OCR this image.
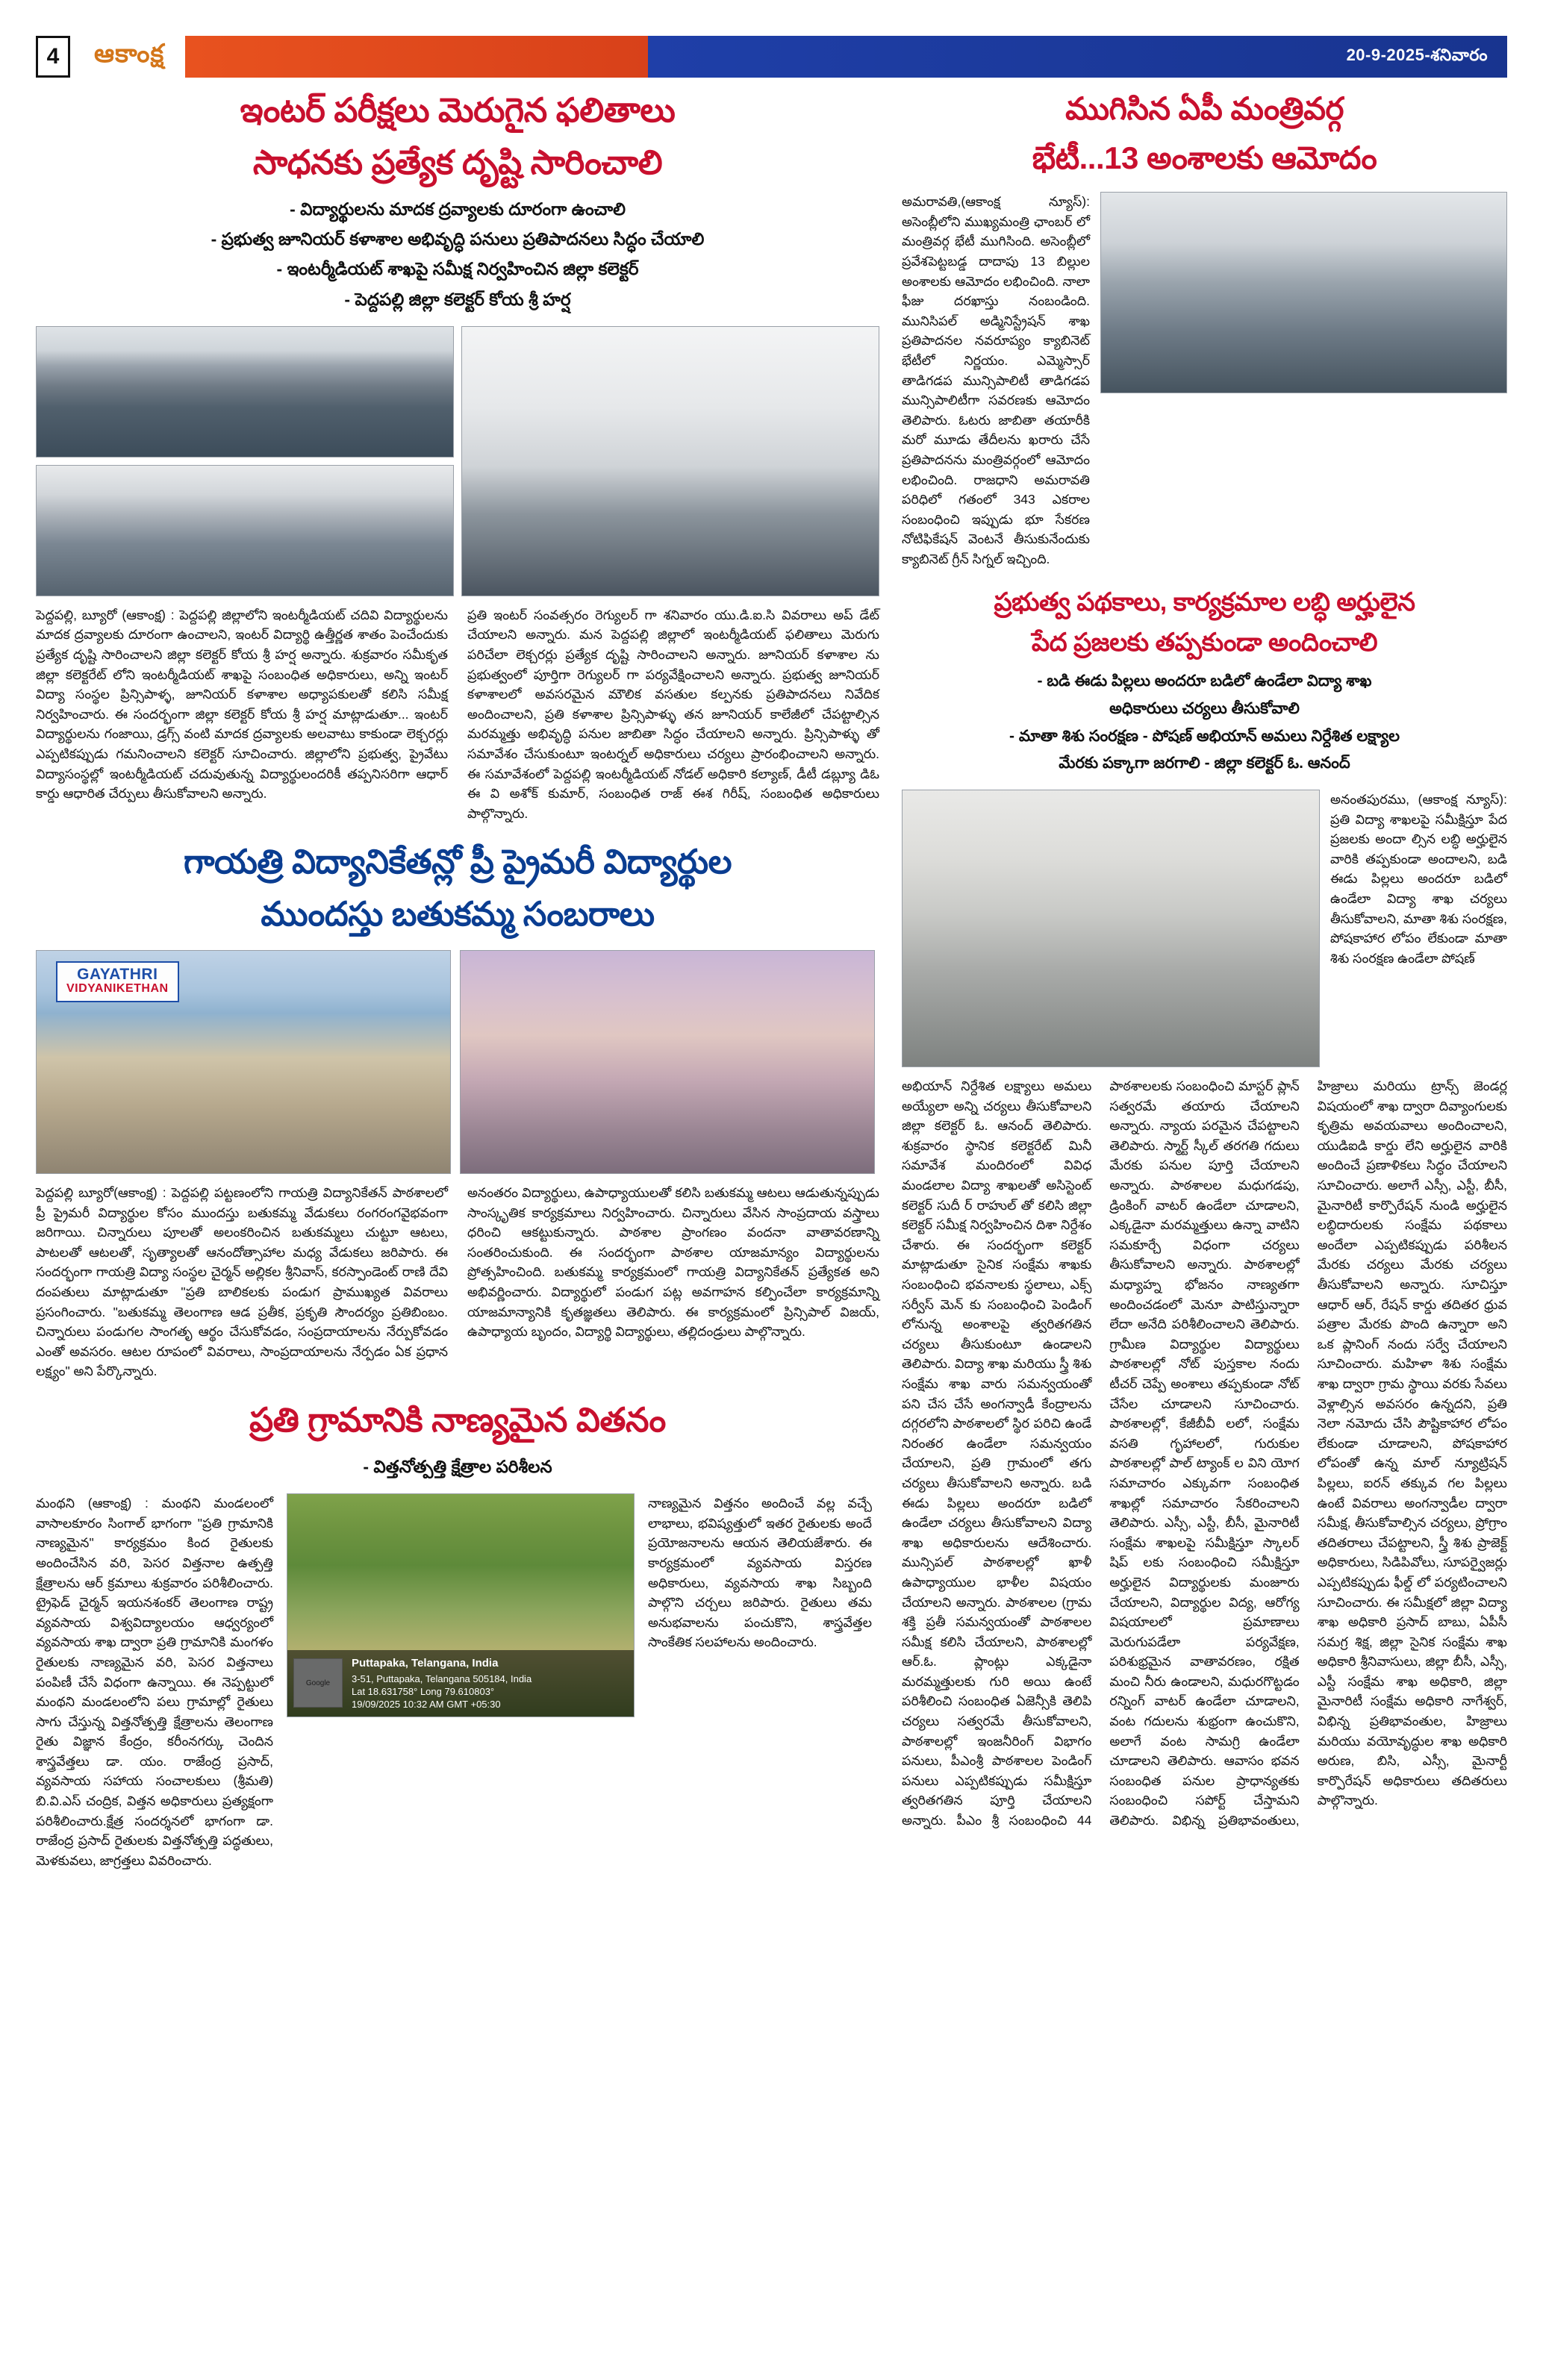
4	ఆకాంక్ష	20-9-2025-శనివారం
ఇంటర్ పరీక్షలు మెరుగైన ఫలితాలు
సాధనకు ప్రత్యేక దృష్టి సారించాలి
- విద్యార్థులను మాదక ద్రవ్యాలకు దూరంగా ఉంచాలి
- ప్రభుత్వ జూనియర్ కళాశాల అభివృద్ధి పనులు ప్రతిపాదనలు సిద్ధం చేయాలి
- ఇంటర్మీడియట్ శాఖపై సమీక్ష నిర్వహించిన జిల్లా కలెక్టర్
- పెద్దపల్లి జిల్లా కలెక్టర్ కోయ శ్రీ హర్ష
పెద్దపల్లి, బ్యూరో (ఆకాంక్ష) : పెద్దపల్లి జిల్లాలోని ఇంటర్మీడియట్ చదివి విద్యార్థులను మాదక ద్రవ్యాలకు దూరంగా ఉంచాలని, ఇంటర్ విద్యార్థి ఉత్తీర్ణత శాతం పెంచేందుకు ప్రత్యేక దృష్టి సారించాలని జిల్లా కలెక్టర్ కోయ శ్రీ హర్ష అన్నారు. శుక్రవారం సమీకృత జిల్లా కలెక్టరేట్ లోని ఇంటర్మీడియట్ శాఖపై సంబంధిత అధికారులు, అన్ని ఇంటర్ విద్యా సంస్థల ప్రిన్సిపాళ్ళ, జూనియర్ కళాశాల అధ్యాపకులతో కలిసి సమీక్ష నిర్వహించారు. ఈ సందర్భంగా జిల్లా కలెక్టర్ కోయ శ్రీ హర్ష మాట్లాడుతూ... ఇంటర్ విద్యార్థులను గంజాయి, డ్రగ్స్ వంటి మాదక ద్రవ్యాలకు అలవాటు కాకుండా లెక్చరర్లు ఎప్పటికప్పుడు గమనించాలని కలెక్టర్ సూచించారు. జిల్లాలోని ప్రభుత్వ, ప్రైవేటు విద్యాసంస్థల్లో ఇంటర్మీడియట్ చదువుతున్న విద్యార్థులందరికీ తప్పనిసరిగా ఆధార్ కార్డు ఆధారిత చేర్పులు తీసుకోవాలని అన్నారు.
ప్రతి ఇంటర్ సంవత్సరం రెగ్యులర్ గా శనివారం యు.డి.ఐ.సి వివరాలు అప్ డేట్ చేయాలని అన్నారు. మన పెద్దపల్లి జిల్లాలో ఇంటర్మీడియట్ ఫలితాలు మెరుగు పరిచేలా లెక్చరర్లు ప్రత్యేక దృష్టి సారించాలని అన్నారు. జూనియర్ కళాశాల ను ప్రభుత్వంలో పూర్తిగా రెగ్యులర్ గా పర్యవేక్షించాలని అన్నారు. ప్రభుత్వ జూనియర్ కళాశాలలో అవసరమైన మౌలిక వసతుల కల్పనకు ప్రతిపాదనలు నివేదిక అందించాలని, ప్రతి కళాశాల ప్రిన్సిపాళ్ళు తన జూనియర్ కాలేజీలో చేపట్టాల్సిన మరమ్మత్తు అభివృద్ధి పనుల జాబితా సిద్ధం చేయాలని అన్నారు. ప్రిన్సిపాళ్ళు తో సమావేశం చేసుకుంటూ ఇంటర్నల్ అధికారులు చర్యలు ప్రారంభించాలని అన్నారు. ఈ సమావేశంలో పెద్దపల్లి ఇంటర్మీడియట్ నోడల్ అధికారి కల్యాణ్, డీటీ డబ్ల్యూ డిఓ ఈ వి అశోక్ కుమార్, సంబంధిత రాజ్ ఈశ గిరీష్, సంబంధిత అధికారులు పాల్గొన్నారు.
గాయత్రి విద్యానికేతన్లో ప్రీ ప్రైమరీ విద్యార్థుల
ముందస్తు బతుకమ్మ సంబరాలు
GAYATHRI
VIDYANIKETHAN
పెద్దపల్లి బ్యూరో(ఆకాంక్ష) : పెద్దపల్లి పట్టణంలోని గాయత్రి విద్యానికేతన్ పాఠశాలలో ప్రీ ప్రైమరీ విద్యార్థుల కోసం ముందస్తు బతుకమ్మ వేడుకలు రంగరంగవైభవంగా జరిగాయి. చిన్నారులు పూలతో అలంకరించిన బతుకమ్మలు చుట్టూ ఆటలు, పాటలతో ఆటలతో, సృత్యాలతో ఆనందోత్సాహాల మధ్య వేడుకలు జరిపారు. ఈ సందర్భంగా గాయత్రి విద్యా సంస్థల చైర్మన్ అల్లికల శ్రీనివాస్, కరస్పాండెంట్ రాణి దేవి దంపతులు మాట్లాడుతూ "ప్రతి బాలికలకు పండుగ ప్రాముఖ్యత వివరాలు ప్రసంగించారు. "బతుకమ్మ తెలంగాణ ఆడ ప్రతీక, ప్రకృతి సౌందర్యం ప్రతిబింబం. చిన్నారులు పండుగల సాంగతృ ఆర్థం చేసుకోవడం, సంప్రదాయాలను నేర్పుకోవడం ఎంతో అవసరం. ఆటల రూపంలో వివరాలు, సాంప్రదాయాలను నేర్పడం ఏక ప్రధాన లక్ష్యం" అని పేర్కొన్నారు.
అనంతరం విద్యార్థులు, ఉపాధ్యాయులతో కలిసి బతుకమ్మ ఆటలు ఆడుతున్నప్పుడు సాంస్కృతిక కార్యక్రమాలు నిర్వహించారు. చిన్నారులు వేసిన సాంప్రదాయ వస్త్రాలు ధరించి ఆకట్టుకున్నారు. పాఠశాల ప్రాంగణం వందనా వాతావరణాన్ని సంతరించుకుంది. ఈ సందర్భంగా పాఠశాల యాజమాన్యం విద్యార్థులను ప్రోత్సహించింది. బతుకమ్మ కార్యక్రమంలో గాయత్రి విద్యానికేతన్ ప్రత్యేకత అని అభివర్ణించారు. విద్యార్థులో పండుగ పట్ల అవగాహన కల్పించేలా కార్యక్రమాన్ని యాజమాన్యానికి కృతజ్ఞతలు తెలిపారు. ఈ కార్యక్రమంలో ప్రిన్సిపాల్ విజయ్, ఉపాధ్యాయ బృందం, విద్యార్థి విద్యార్థులు, తల్లిదండ్రులు పాల్గొన్నారు.
ప్రతి గ్రామానికి నాణ్యమైన వితనం
- విత్తనోత్పత్తి క్షేత్రాల పరిశీలన
మంథని (ఆకాంక్ష) : మంథని మండలంలో వాసాలకూరం సింగాల్ భాగంగా "ప్రతి గ్రామానికి నాణ్యమైన" కార్యక్రమం కింద రైతులకు అందించేసిన వరి, పెసర విత్తనాల ఉత్పత్తి క్షేత్రాలను ఆర్ క్రమాలు శుక్రవారం పరిశీలించారు. ట్రైఫెడ్ చైర్మన్ ఇయనశంకర్ తెలంగాణ రాష్ట్ర వ్యవసాయ విశ్వవిద్యాలయం ఆధ్వర్యంలో వ్యవసాయ శాఖ ద్వారా ప్రతి గ్రామానికి మంగళం రైతులకు నాణ్యమైన వరి, పెసర విత్తనాలు పంపిణీ చేసే విధంగా ఉన్నాయి. ఈ నెప్పట్టులో మంథని మండలంలోని పలు గ్రామాల్లో రైతులు సాగు చేస్తున్న విత్తనోత్పత్తి క్షేత్రాలను తెలంగాణ రైతు విజ్ఞాన కేంద్రం, కరీంనగర్కు చెందిన శాస్త్రవేత్తలు డా. యం. రాజేంద్ర ప్రసాద్, వ్యవసాయ సహాయ సంచాలకులు (శ్రీమతి) బి.వి.ఎస్ చంద్రిక, విత్తన అధికారులు ప్రత్యక్షంగా పరిశీలించారు.క్షేత్ర సందర్శనలో భాగంగా డా. రాజేంద్ర ప్రసాద్ రైతులకు విత్తనోత్పత్తి పద్ధతులు, మెళకువలు, జాగ్రత్తలు వివరించారు.
Puttapaka, Telangana, India
3-51, Puttapaka, Telangana 505184, India
Lat 18.631758° Long 79.610803°
19/09/2025 10:32 AM GMT +05:30
నాణ్యమైన విత్తనం అందించే వల్ల వచ్చే లాభాలు, భవిష్యత్తులో ఇతర రైతులకు అందే ప్రయోజనాలను ఆయన తెలియజేశారు. ఈ కార్యక్రమంలో వ్యవసాయ విస్తరణ అధికారులు, వ్యవసాయ శాఖ సిబ్బంది పాల్గొని చర్చలు జరిపారు. రైతులు తమ అనుభవాలను పంచుకొని, శాస్త్రవేత్తల సాంకేతిక సలహాలను అందించారు.
ముగిసిన ఏపీ మంత్రివర్గ
భేటీ...13 అంశాలకు ఆమోదం
అమరావతి,(ఆకాంక్ష న్యూస్): అసెంబ్లీలోని ముఖ్యమంత్రి ఛాంబర్ లో మంత్రివర్గ భేటీ ముగిసింది. అసెంబ్లీలో ప్రవేశపెట్టబడ్డ దాదాపు 13 బిల్లుల అంశాలకు ఆమోదం లభించింది. నాలా ఫీజు దరఖాస్తు నంబండింది. మునిసిపల్ అడ్మినిస్ట్రేషన్ శాఖ ప్రతిపాదనల నవరూప్యం క్యాబినెట్ భేటీలో నిర్ణయం. ఎమ్మెస్సార్ తాడిగడప మున్సిపాలిటీ తాడిగడప మున్సిపాలిటీగా సవరణకు ఆమోదం తెలిపారు. ఓటరు జాబితా తయారీకి మరో మూడు తేదీలను ఖరారు చేసే ప్రతిపాదనను మంత్రివర్గంలో ఆమోదం లభించింది. రాజధాని అమరావతి పరిధిలో గతంలో 343 ఎకరాల సంబంధించి ఇప్పుడు భూ సేకరణ నోటిఫికేషన్ వెంటనే తీసుకునేందుకు క్యాబినెట్ గ్రీన్ సిగ్నల్ ఇచ్చింది.
ప్రభుత్వ పథకాలు, కార్యక్రమాల లబ్ధి అర్హులైన
పేద ప్రజలకు తప్పకుండా అందించాలి
- బడి ఈడు పిల్లలు అందరూ బడిలో ఉండేలా విద్యా శాఖ
అధికారులు చర్యలు తీసుకోవాలి
- మాతా శిశు సంరక్షణ - పోషణ్ అభియాన్ అమలు నిర్దేశిత లక్ష్యాల
మేరకు పక్కాగా జరగాలి - జిల్లా కలెక్టర్ ఓ. ఆనంద్
అనంతపురము, (ఆకాంక్ష న్యూస్): ప్రతి విద్యా శాఖలపై సమీక్షిస్తూ పేద ప్రజలకు అందా ల్సిన లబ్ధి అర్హులైన వారికి తప్పకుండా అందాలని, బడి ఈడు పిల్లలు అందరూ బడిలో ఉండేలా విద్యా శాఖ చర్యలు తీసుకోవాలని, మాతా శిశు సంరక్షణ, పోషకాహార లోపం లేకుండా మాతా శిశు సంరక్షణ ఉండేలా పోషణ్
అభియాన్ నిర్దేశిత లక్ష్యాలు అమలు అయ్యేలా అన్ని చర్యలు తీసుకోవాలని జిల్లా కలెక్టర్ ఓ. ఆనంద్ తెలిపారు. శుక్రవారం స్థానిక కలెక్టరేట్ మినీ సమావేశ మందిరంలో వివిధ మండలాల విద్యా శాఖలతో అసిస్టెంట్ కలెక్టర్ సుదీ ర్ రాహుల్ తో కలిసి జిల్లా కలెక్టర్ సమీక్ష నిర్వహించిన దిశా నిర్దేశం చేశారు. ఈ సందర్భంగా కలెక్టర్ మాట్లాడుతూ సైనిక సంక్షేమ శాఖకు సంబంధించి భవనాలకు స్థలాలు, ఎక్స్ సర్వీస్ మెన్ కు సంబంధించి పెండింగ్ లోనున్న అంశాలపై త్వరితగతిన చర్యలు తీసుకుంటూ ఉండాలని తెలిపారు. విద్యా శాఖ మరియు స్త్రీ శిశు సంక్షేమ శాఖ వారు సమన్వయంతో పని చేస చేసే అంగన్వాడీ కేంద్రాలను దగ్గరలోని పాఠశాలలో స్థిర పరిచి ఉండే నిరంతర ఉండేలా సమన్వయం చేయాలని, ప్రతి గ్రామంలో తగు చర్యలు తీసుకోవాలని అన్నారు. బడి ఈడు పిల్లలు అందరూ బడిలో ఉండేలా చర్యలు తీసుకోవాలని విద్యా శాఖ అధికారులను ఆదేశించారు. మున్సిపల్ పాఠశాలల్లో ఖాళీ ఉపాధ్యాయుల భాళీల విషయం చేయాలని అన్నారు. పాఠశాలల (గ్రామ శక్తి ప్రతీ సమన్వయంతో పాఠశాలల సమీక్ష కలిసి చేయాలని, పాఠశాలల్లో ఆర్.ఓ. ప్లాంట్లు ఎక్కడైనా మరమ్మత్తులకు గురి అయి ఉంటే పరిశీలించి సంబంధిత ఏజెన్సీకి తెలిపి చర్యలు సత్వరమే తీసుకోవాలని, పాఠశాలల్లో ఇంజనీరింగ్ విభాగం పనులు, పీఎంశ్రీ పాఠశాలల పెండింగ్ పనులు ఎప్పటికప్పుడు సమీక్షిస్తూ త్వరితగతిన పూర్తి చేయాలని అన్నారు. పీఎం శ్రీ సంబంధించి 44 పాఠశాలలకు సంబంధించి మాస్టర్ ప్లాన్ సత్వరమే తయారు చేయాలని అన్నారు. న్యాయ పరమైన చేపట్టాలని తెలిపారు. స్మార్ట్ స్కీల్ తరగతి గదులు మేరకు పనుల పూర్తి చేయాలని అన్నారు. పాఠశాలల మధుగడపు, డ్రింకింగ్ వాటర్ ఉండేలా చూడాలని, ఎక్కడైనా మరమ్మత్తులు ఉన్నా వాటిని సమకూర్చే విధంగా చర్యలు తీసుకోవాలని అన్నారు. పాఠశాలల్లో మధ్యాహ్న భోజనం నాణ్యతగా అందించడంలో మెనూ పాటిస్తున్నారా లేదా అనేది పరిశీలించాలని తెలిపారు. గ్రామీణ విద్యార్థుల విద్యార్థులు పాఠశాలల్లో నోట్ పుస్తకాల నందు టీచర్ చెప్పే అంశాలు తప్పకుండా నోట్ చేసేల చూడాలని సూచించారు. పాఠశాలల్లో, కేజీబీవీ లలో, సంక్షేమ వసతి గృహాలలో, గురుకుల పాఠశాలల్లో పాల్ ట్యాంక్ ల విని యోగ సమాచారం ఎక్కువగా సంబంధిత శాఖల్లో సమాచారం సేకరించాలని తెలిపారు. ఎస్సీ, ఎస్టీ, బీసీ, మైనారిటీ సంక్షేమ శాఖలపై సమీక్షిస్తూ స్కాలర్ షిప్ లకు సంబంధించి సమీక్షిస్తూ అర్హులైన విద్యార్థులకు మంజూరు చేయాలని, విద్యార్థుల విద్య, ఆరోగ్య విషయాలలో ప్రమాణాలు మెరుగుపడేలా పర్యవేక్షణ, పరిశుభ్రమైన వాతావరణం, రక్షిత మంచి నీరు ఉండాలని, మధురగొట్టడం రన్నింగ్ వాటర్ ఉండేలా చూడాలని, వంట గదులను శుభ్రంగా ఉంచుకొని, అలాగే వంట సామగ్రి ఉండేలా చూడాలని తెలిపారు. ఆవాసం భవన సంబంధిత పనుల ప్రాధాన్యతకు సంబంధించి సపోర్ట్ చేస్తామని తెలిపారు. విభిన్న ప్రతిభావంతులు, హిజ్రాలు మరియు ట్రాన్స్ జెండర్ల విషయంలో శాఖ ద్వారా దివ్యాంగులకు కృత్రిమ అవయవాలు అందించాలని, యుడిఐడి కార్డు లేని అర్హులైన వారికి అందించే ప్రణాళికలు సిద్ధం చేయాలని సూచించారు. అలాగే ఎస్సీ, ఎస్టీ, బీసీ, మైనారిటీ కార్పొరేషన్ నుండి అర్హులైన లబ్ధిదారులకు సంక్షేమ పథకాలు అందేలా ఎప్పటికప్పుడు పరిశీలన మేరకు చర్యలు మేరకు చర్యలు తీసుకోవాలని అన్నారు. సూచిస్తూ ఆధార్ ఆర్, రేషన్ కార్డు తదితర ధ్రువ పత్రాల మేరకు పొంది ఉన్నారా అని ఒక ప్లానింగ్ నందు సర్వే చేయాలని సూచించారు. మహిళా శిశు సంక్షేమ శాఖ ద్వారా గ్రామ స్థాయి వరకు సేవలు వెళ్లాల్సిన అవసరం ఉన్నదని, ప్రతి నెలా నమోదు చేసి పౌష్టికాహార లోపం లేకుండా చూడాలని, పోషకాహార లోపంతో ఉన్న మాల్ న్యూట్రిషన్ పిల్లలు, ఐరన్ తక్కువ గల పిల్లలు ఉంటే వివరాలు అంగన్వాడీల ద్వారా సమీక్ష, తీసుకోవాల్సిన చర్యలు, ప్రోగ్రాం తదితరాలు చేపట్టాలని, స్త్రీ శిశు ప్రాజెక్ట్ అధికారులు, సిడిపివోలు, సూపర్వైజర్లు ఎప్పటికప్పుడు ఫీల్డ్ లో పర్యటించాలని సూచించారు. ఈ సమీక్షలో జిల్లా విద్యా శాఖ అధికారి ప్రసాద్ బాబు, ఏపీసీ సమగ్ర శిక్ష, జిల్లా సైనిక సంక్షేమ శాఖ అధికారి శ్రీనివాసులు, జిల్లా బీసీ, ఎస్సీ, ఎస్టీ సంక్షేమ శాఖ అధికారి, జిల్లా మైనారిటీ సంక్షేమ అధికారి నాగేశ్వర్, విభిన్న ప్రతిభావంతుల, హిజ్రాలు మరియు వయోవృద్ధుల శాఖ అధికారి అరుణ, బిసి, ఎస్సీ, మైనార్టీ కార్పొరేషన్ అధికారులు తదితరులు పాల్గొన్నారు.
